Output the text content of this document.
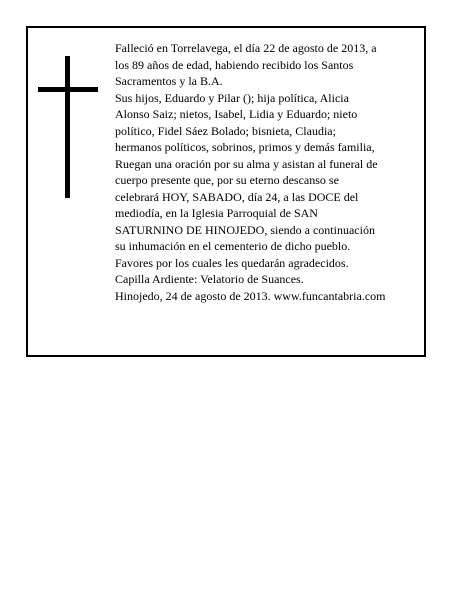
Falleció en Torrelavega, el día 22 de agosto de 2013, a
los 89 años de edad, habiendo recibido los Santos
Sacramentos y la B.A.
Sus hijos, Eduardo y Pilar (); hija política, Alicia
Alonso Saiz; nietos, Isabel, Lidia y Eduardo; nieto
político, Fidel Sáez Bolado; bisnieta, Claudia;
hermanos políticos, sobrinos, primos y demás familia,
Ruegan una oración por su alma y asistan al funeral de
cuerpo presente que, por su eterno descanso se
celebrará HOY, SABADO, día 24, a las DOCE del
mediodía, en la Iglesia Parroquial de SAN
SATURNINO DE HINOJEDO, siendo a continuación
su inhumación en el cementerio de dicho pueblo.
Favores por los cuales les quedarán agradecidos.
Capilla Ardiente: Velatorio de Suances.
Hinojedo, 24 de agosto de 2013. www.funcantabria.com
